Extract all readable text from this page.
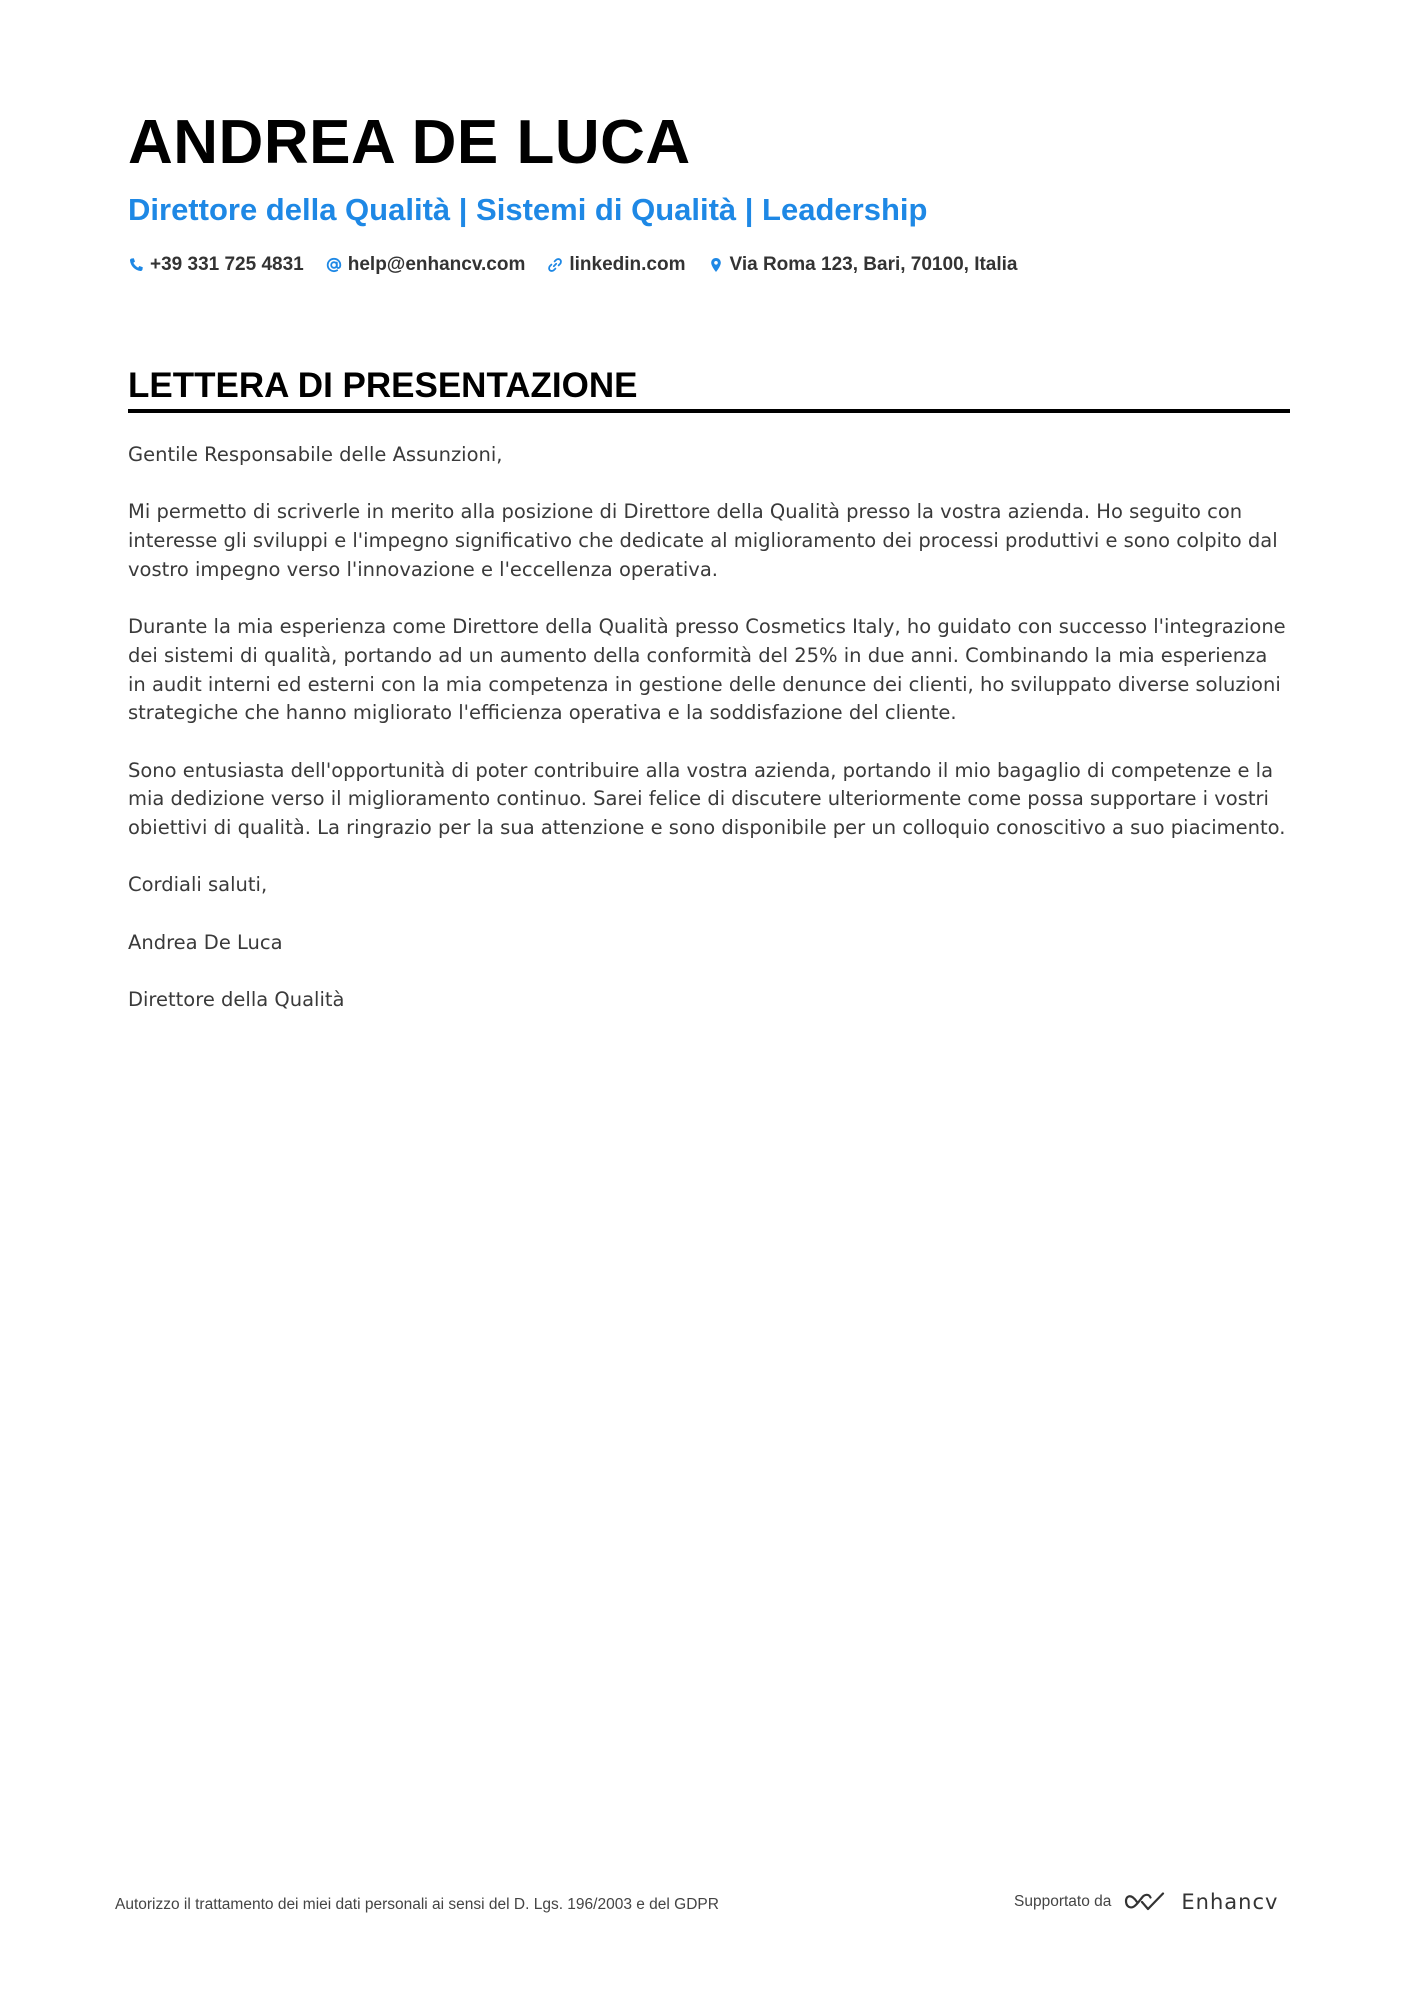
ANDREA DE LUCA
Direttore della Qualità | Sistemi di Qualità | Leadership
+39 331 725 4831 help@enhancv.com linkedin.com Via Roma 123, Bari, 70100, Italia
LETTERA DI PRESENTAZIONE

Gentile Responsabile delle Assunzioni,

Mi permetto di scriverle in merito alla posizione di Direttore della Qualità presso la vostra azienda. Ho seguito con interesse gli sviluppi e l'impegno significativo che dedicate al miglioramento dei processi produttivi e sono colpito dal vostro impegno verso l'innovazione e l'eccellenza operativa.

Durante la mia esperienza come Direttore della Qualità presso Cosmetics Italy, ho guidato con successo l'integrazione dei sistemi di qualità, portando ad un aumento della conformità del 25% in due anni. Combinando la mia esperienza in audit interni ed esterni con la mia competenza in gestione delle denunce dei clienti, ho sviluppato diverse soluzioni strategiche che hanno migliorato l'efficienza operativa e la soddisfazione del cliente.

Sono entusiasta dell'opportunità di poter contribuire alla vostra azienda, portando il mio bagaglio di competenze e la mia dedizione verso il miglioramento continuo. Sarei felice di discutere ulteriormente come possa supportare i vostri obiettivi di qualità. La ringrazio per la sua attenzione e sono disponibile per un colloquio conoscitivo a suo piacimento.

Cordiali saluti,

Andrea De Luca

Direttore della Qualità

Autorizzo il trattamento dei miei dati personali ai sensi del D. Lgs. 196/2003 e del GDPR	Supportato da	Enhancv
